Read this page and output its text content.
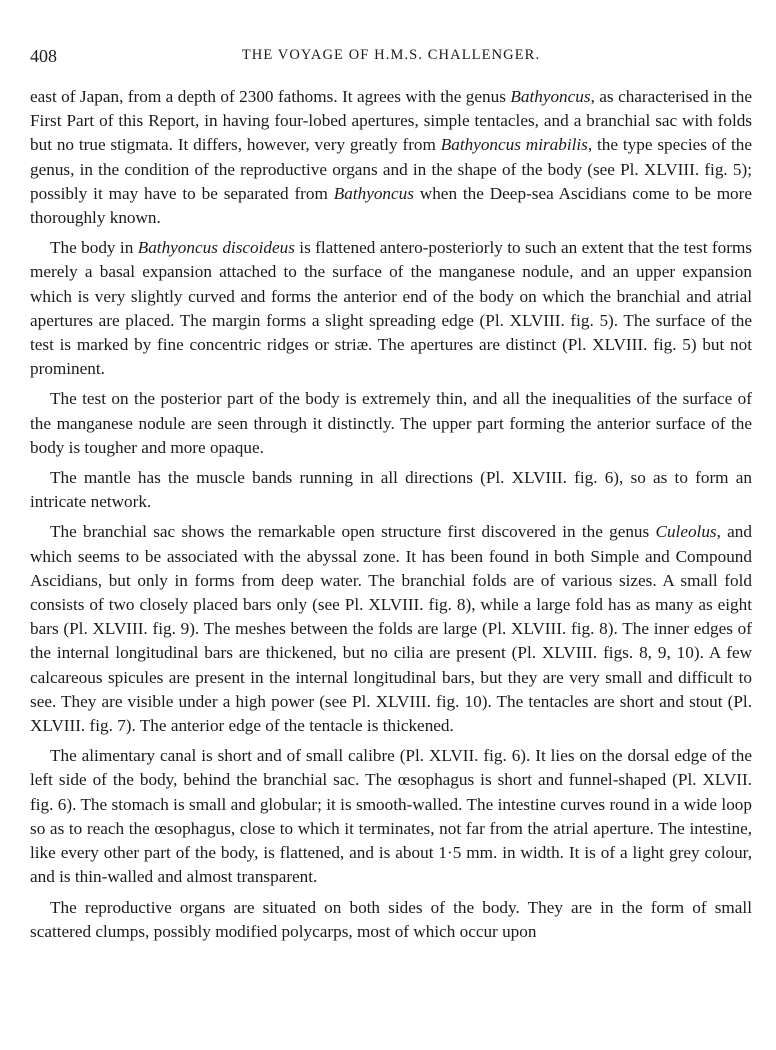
408	THE VOYAGE OF H.M.S. CHALLENGER.

east of Japan, from a depth of 2300 fathoms. It agrees with the genus Bathyoncus, as characterised in the First Part of this Report, in having four-lobed apertures, simple tentacles, and a branchial sac with folds but no true stigmata. It differs, however, very greatly from Bathyoncus mirabilis, the type species of the genus, in the condition of the reproductive organs and in the shape of the body (see Pl. XLVIII. fig. 5); possibly it may have to be separated from Bathyoncus when the Deep-sea Ascidians come to be more thoroughly known.

The body in Bathyoncus discoideus is flattened antero-posteriorly to such an extent that the test forms merely a basal expansion attached to the surface of the manganese nodule, and an upper expansion which is very slightly curved and forms the anterior end of the body on which the branchial and atrial apertures are placed. The margin forms a slight spreading edge (Pl. XLVIII. fig. 5). The surface of the test is marked by fine concentric ridges or striæ. The apertures are distinct (Pl. XLVIII. fig. 5) but not prominent.

The test on the posterior part of the body is extremely thin, and all the inequalities of the surface of the manganese nodule are seen through it distinctly. The upper part forming the anterior surface of the body is tougher and more opaque.

The mantle has the muscle bands running in all directions (Pl. XLVIII. fig. 6), so as to form an intricate network.

The branchial sac shows the remarkable open structure first discovered in the genus Culeolus, and which seems to be associated with the abyssal zone. It has been found in both Simple and Compound Ascidians, but only in forms from deep water. The branchial folds are of various sizes. A small fold consists of two closely placed bars only (see Pl. XLVIII. fig. 8), while a large fold has as many as eight bars (Pl. XLVIII. fig. 9). The meshes between the folds are large (Pl. XLVIII. fig. 8). The inner edges of the internal longitudinal bars are thickened, but no cilia are present (Pl. XLVIII. figs. 8, 9, 10). A few calcareous spicules are present in the internal longitudinal bars, but they are very small and difficult to see. They are visible under a high power (see Pl. XLVIII. fig. 10). The tentacles are short and stout (Pl. XLVIII. fig. 7). The anterior edge of the tentacle is thickened.

The alimentary canal is short and of small calibre (Pl. XLVII. fig. 6). It lies on the dorsal edge of the left side of the body, behind the branchial sac. The œsophagus is short and funnel-shaped (Pl. XLVII. fig. 6). The stomach is small and globular; it is smooth-walled. The intestine curves round in a wide loop so as to reach the œsophagus, close to which it terminates, not far from the atrial aperture. The intestine, like every other part of the body, is flattened, and is about 1·5 mm. in width. It is of a light grey colour, and is thin-walled and almost transparent.

The reproductive organs are situated on both sides of the body. They are in the form of small scattered clumps, possibly modified polycarps, most of which occur upon
